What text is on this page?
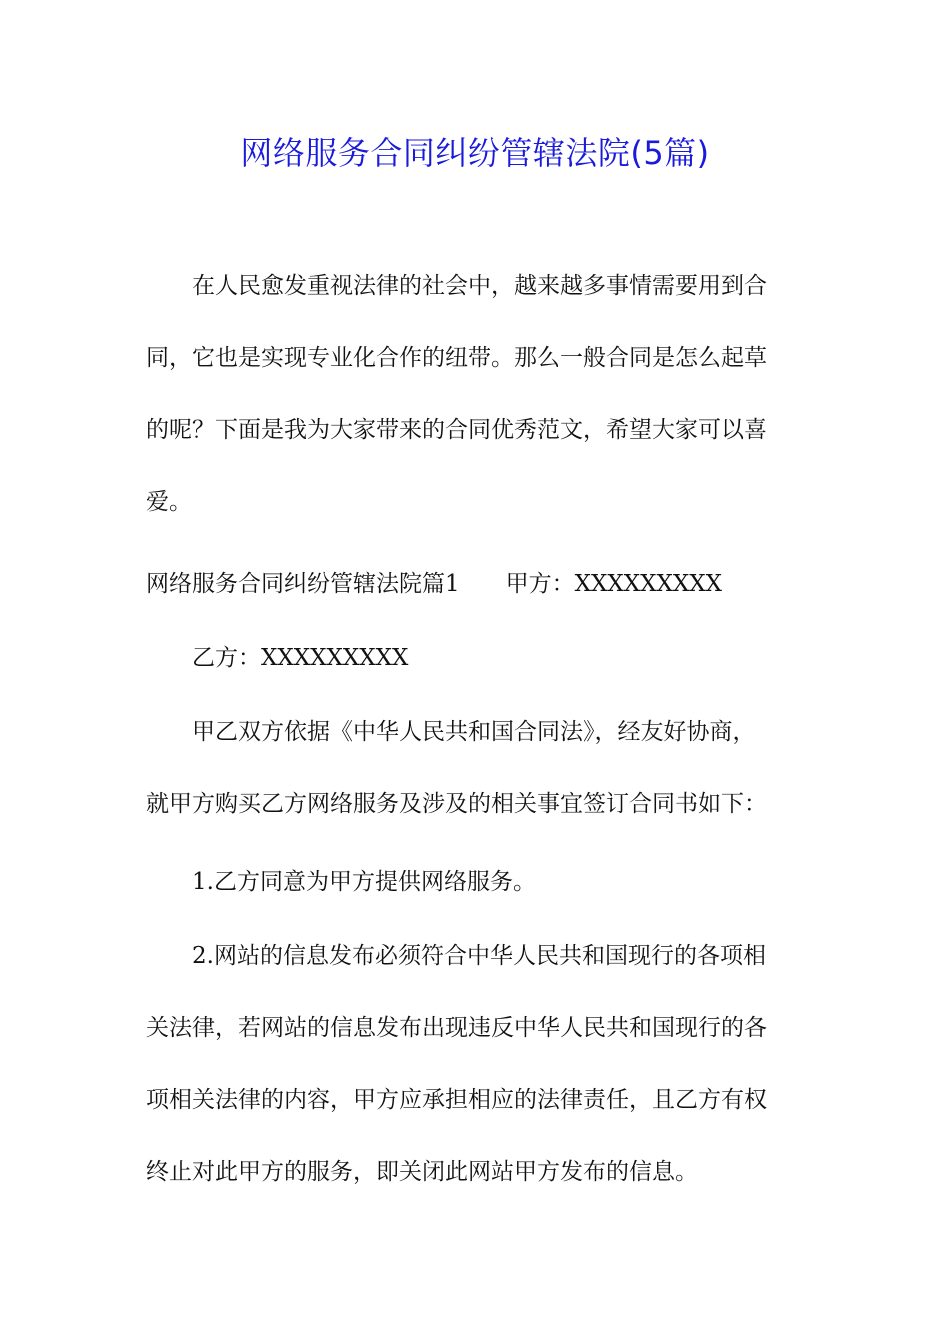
网络服务合同纠纷管辖法院(5篇)
在人民愈发重视法律的社会中，越来越多事情需要用到合
同，它也是实现专业化合作的纽带。那么一般合同是怎么起草
的呢？下面是我为大家带来的合同优秀范文，希望大家可以喜
爱。
网络服务合同纠纷管辖法院篇1 甲方：XXXXXXXXX
乙方：XXXXXXXXX
甲乙双方依据《中华人民共和国合同法》，经友好协商，
就甲方购买乙方网络服务及涉及的相关事宜签订合同书如下：
1.乙方同意为甲方提供网络服务。
2.网站的信息发布必须符合中华人民共和国现行的各项相
关法律，若网站的信息发布出现违反中华人民共和国现行的各
项相关法律的内容，甲方应承担相应的法律责任，且乙方有权
终止对此甲方的服务，即关闭此网站甲方发布的信息。
